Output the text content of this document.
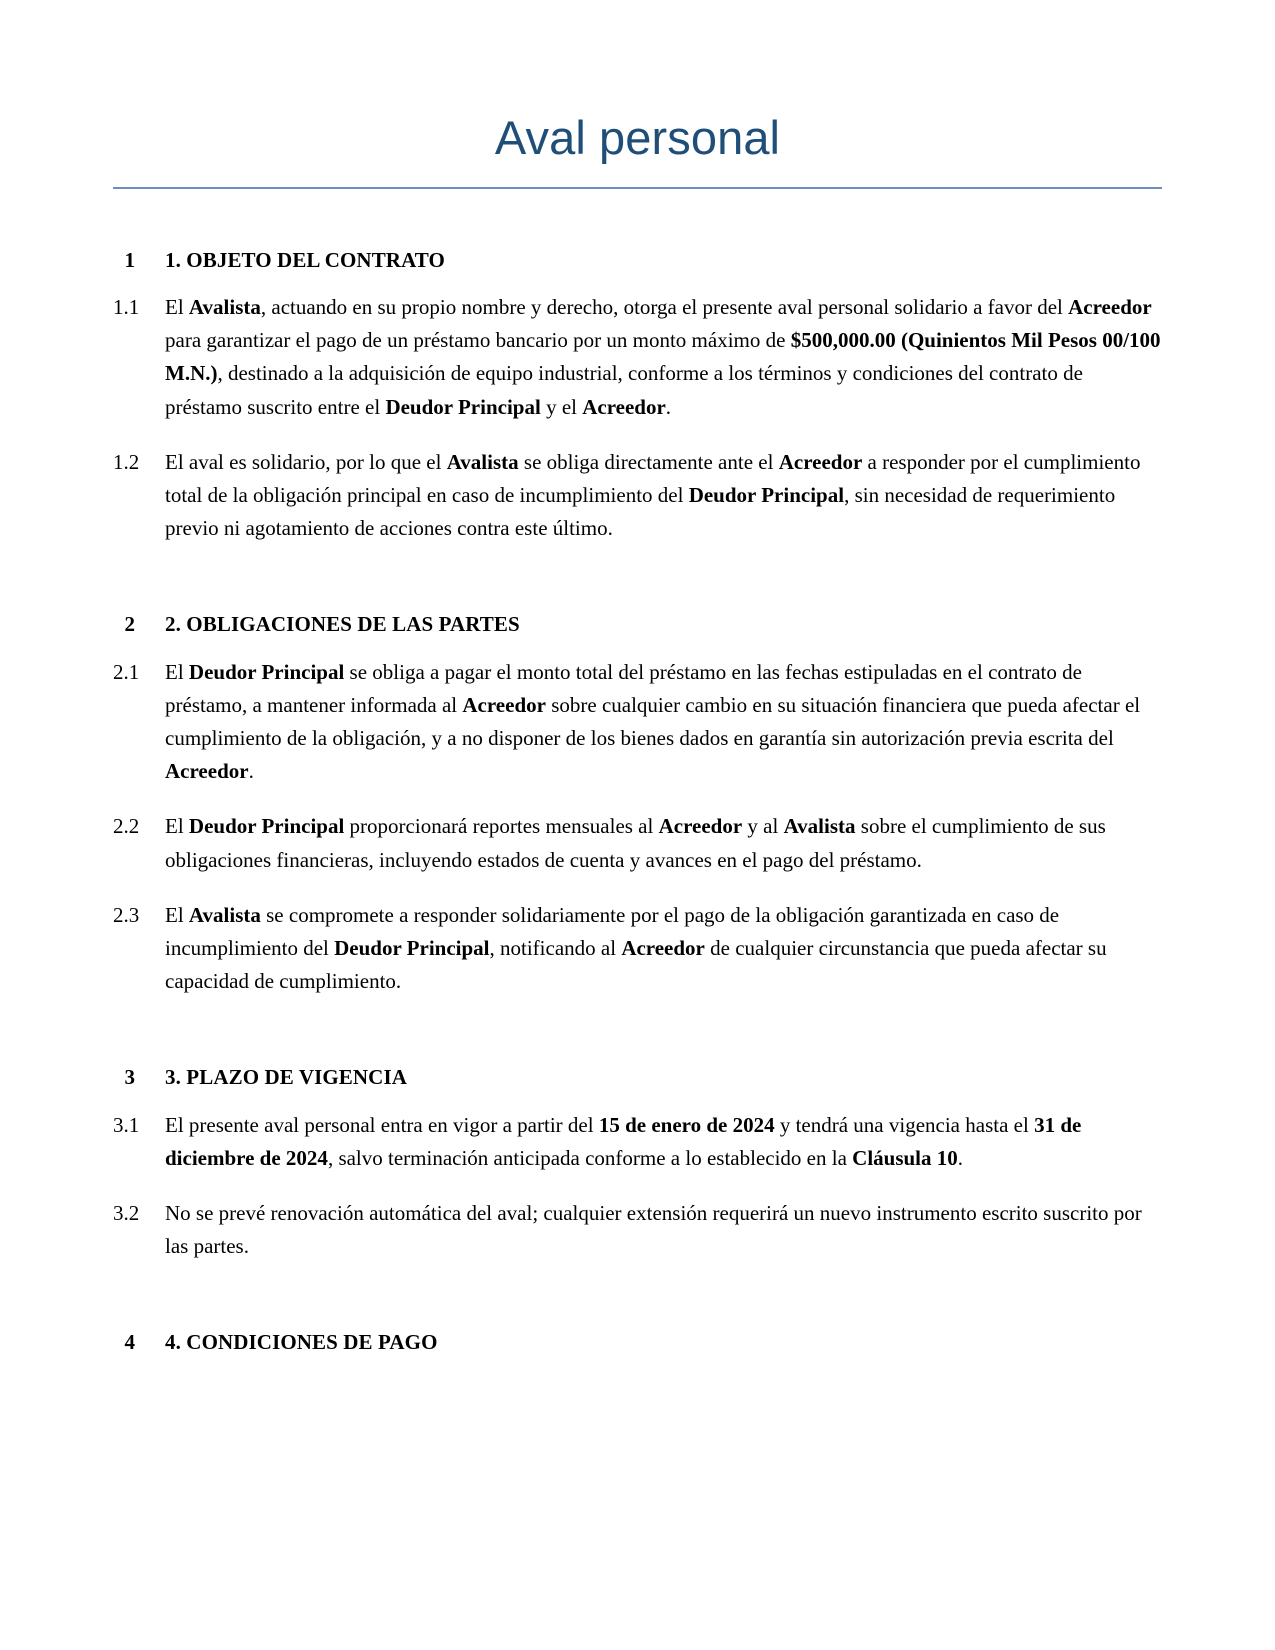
Aval personal
1	1. OBJETO DEL CONTRATO
1.1	El Avalista, actuando en su propio nombre y derecho, otorga el presente aval personal solidario a favor del Acreedor para garantizar el pago de un préstamo bancario por un monto máximo de $500,000.00 (Quinientos Mil Pesos 00/100 M.N.), destinado a la adquisición de equipo industrial, conforme a los términos y condiciones del contrato de préstamo suscrito entre el Deudor Principal y el Acreedor.
1.2	El aval es solidario, por lo que el Avalista se obliga directamente ante el Acreedor a responder por el cumplimiento total de la obligación principal en caso de incumplimiento del Deudor Principal, sin necesidad de requerimiento previo ni agotamiento de acciones contra este último.
2	2. OBLIGACIONES DE LAS PARTES
2.1	El Deudor Principal se obliga a pagar el monto total del préstamo en las fechas estipuladas en el contrato de préstamo, a mantener informada al Acreedor sobre cualquier cambio en su situación financiera que pueda afectar el cumplimiento de la obligación, y a no disponer de los bienes dados en garantía sin autorización previa escrita del Acreedor.
2.2	El Deudor Principal proporcionará reportes mensuales al Acreedor y al Avalista sobre el cumplimiento de sus obligaciones financieras, incluyendo estados de cuenta y avances en el pago del préstamo.
2.3	El Avalista se compromete a responder solidariamente por el pago de la obligación garantizada en caso de incumplimiento del Deudor Principal, notificando al Acreedor de cualquier circunstancia que pueda afectar su capacidad de cumplimiento.
3	3. PLAZO DE VIGENCIA
3.1	El presente aval personal entra en vigor a partir del 15 de enero de 2024 y tendrá una vigencia hasta el 31 de diciembre de 2024, salvo terminación anticipada conforme a lo establecido en la Cláusula 10.
3.2	No se prevé renovación automática del aval; cualquier extensión requerirá un nuevo instrumento escrito suscrito por las partes.
4	4. CONDICIONES DE PAGO
